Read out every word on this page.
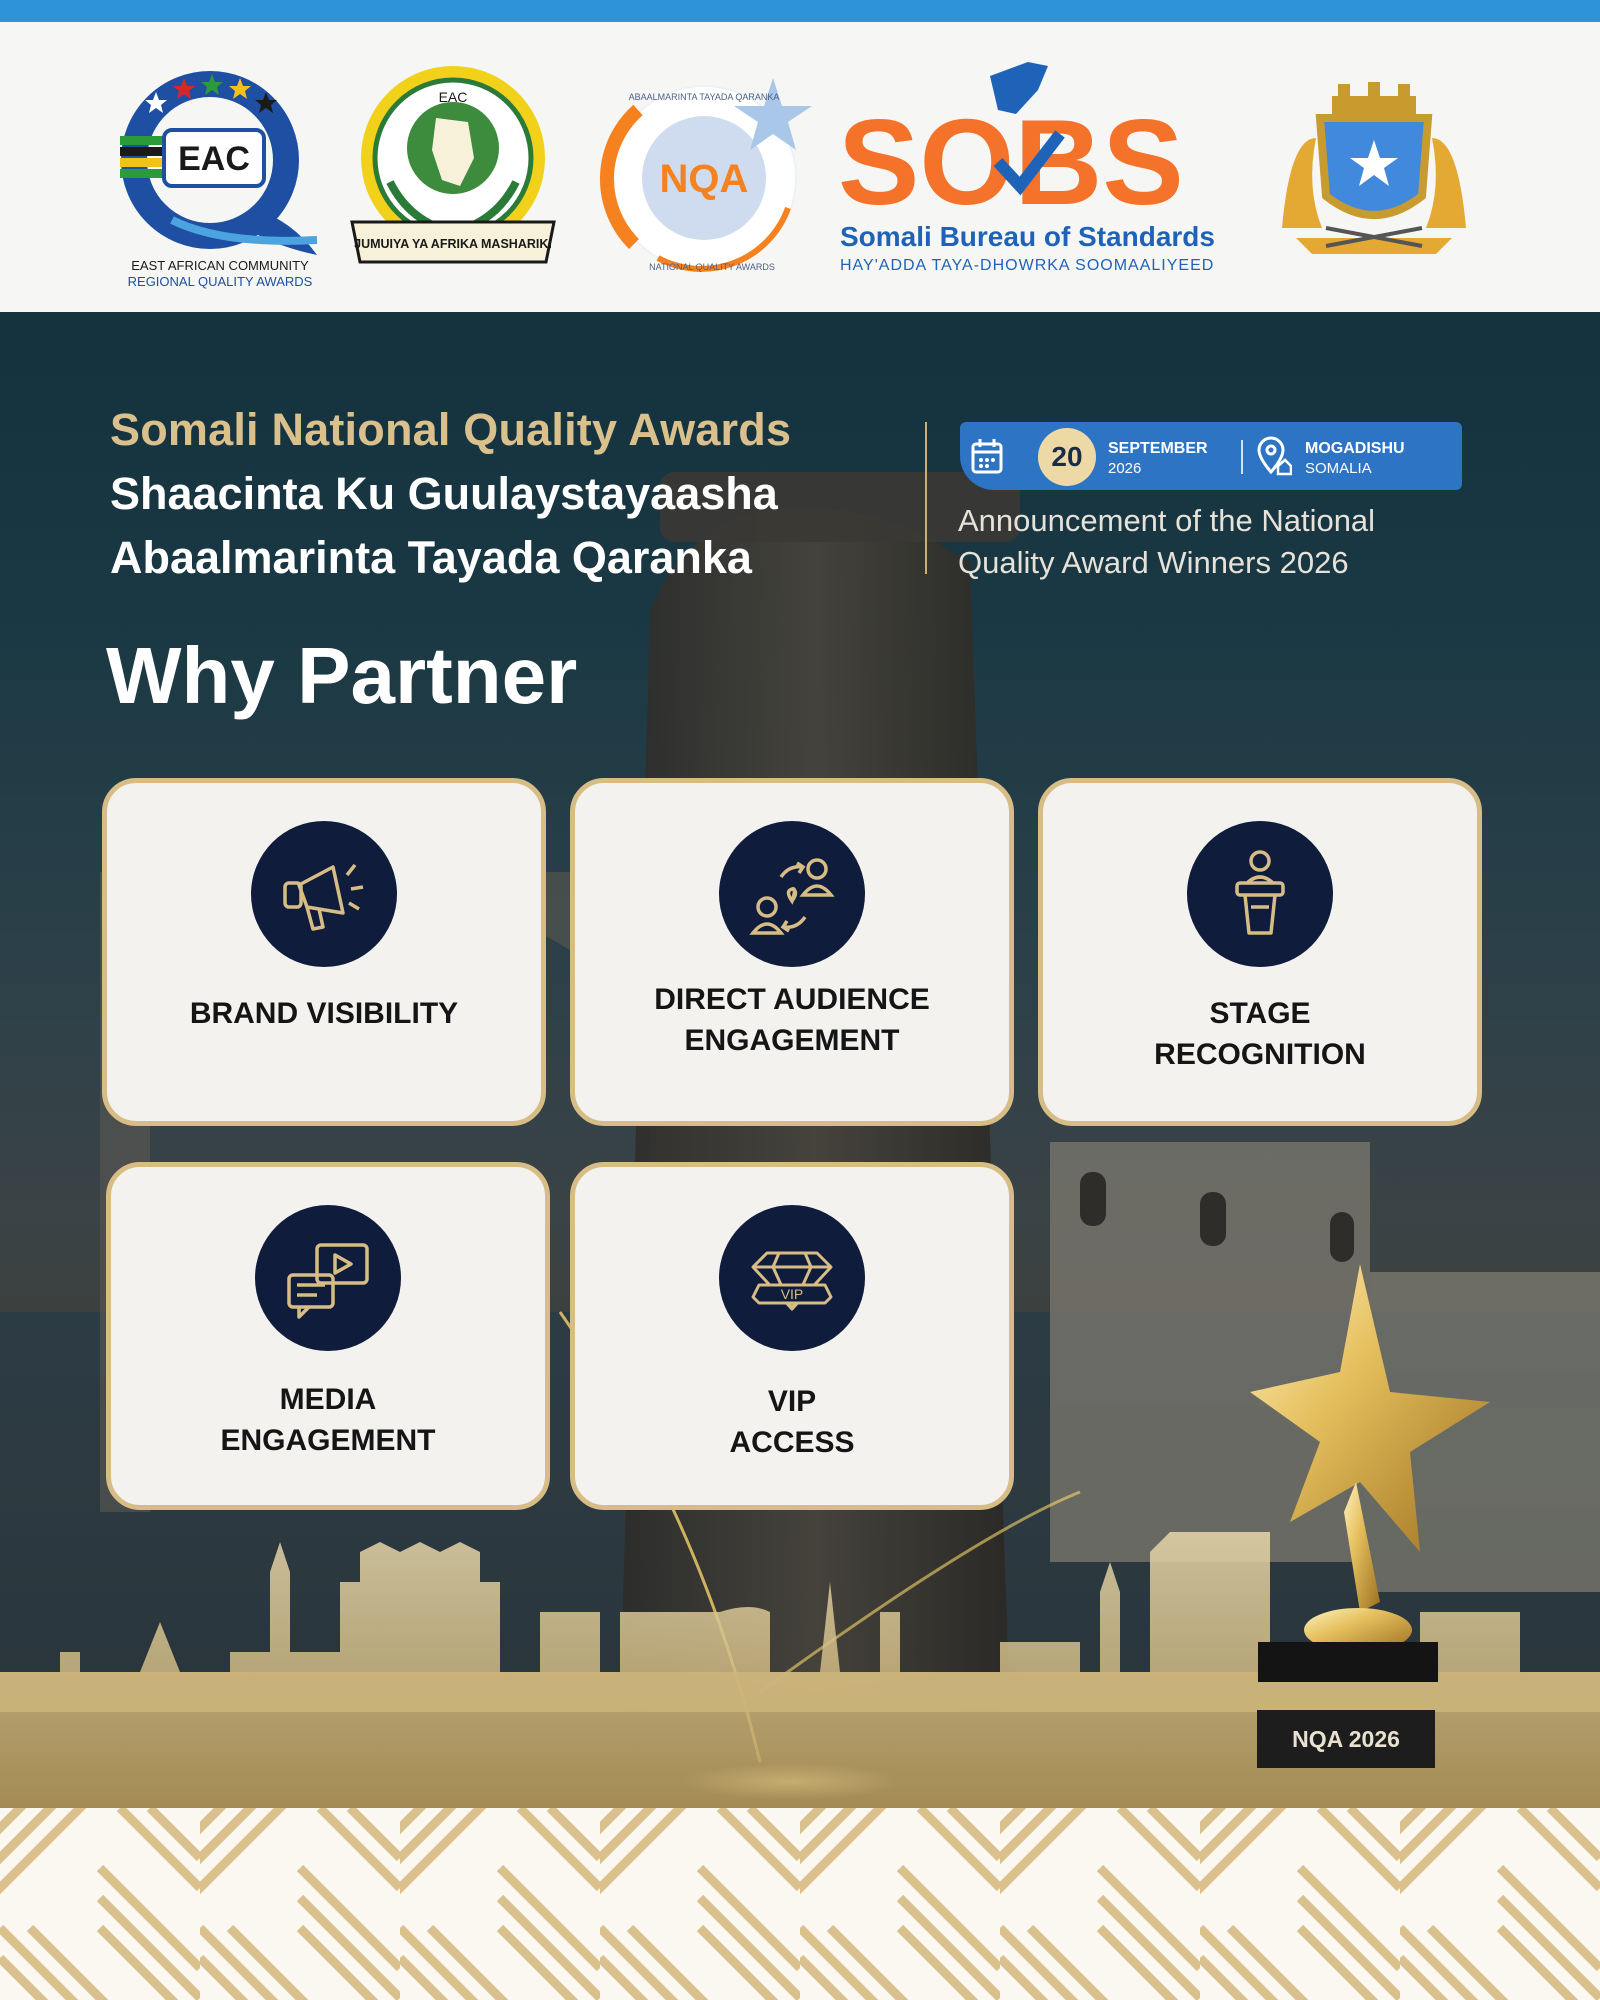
EAC
EAST AFRICAN COMMUNITY
REGIONAL QUALITY AWARDS
EAC
JUMUIYA YA AFRIKA MASHARIKI
NQA
ABAALMARINTA TAYADA QARANKA
NATIONAL QUALITY AWARDS
SOBS
Somali Bureau of Standards
HAY'ADDA TAYA-DHOWRKA SOOMAALIYEED
Somali National Quality Awards
Shaacinta Ku Guulaystayaasha
Abaalmarinta Tayada Qaranka
20	SEPTEMBER
2026
MOGADISHU
SOMALIA
Announcement of the National
Quality Award Winners 2026
Why Partner
BRAND VISIBILITY	DIRECT AUDIENCE
ENGAGEMENT
STAGE
RECOGNITION
MEDIA
ENGAGEMENT
VIP
VIP
ACCESS
NQA 2026
